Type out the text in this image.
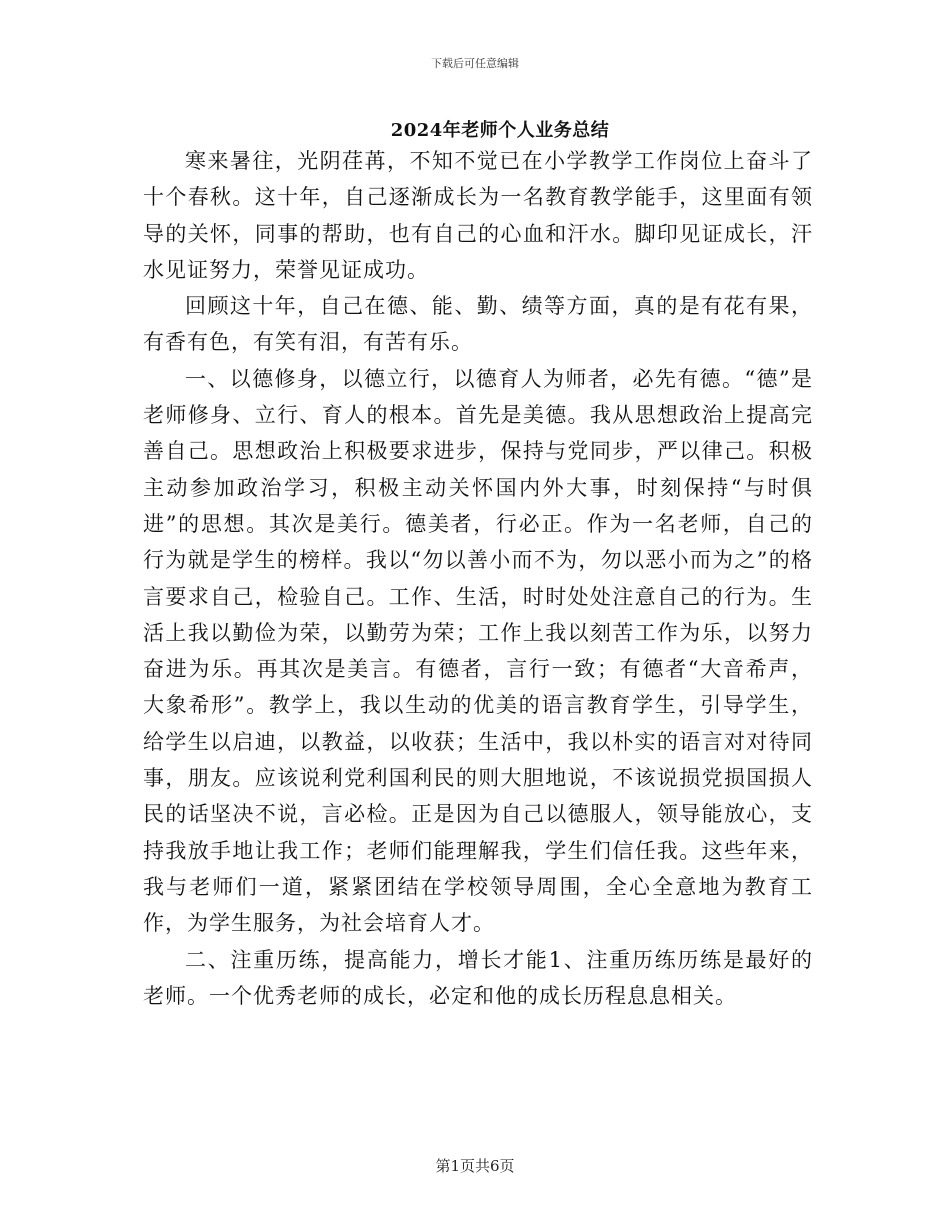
下载后可任意编辑
2024年老师个人业务总结

寒来暑往，光阴荏苒，不知不觉已在小学教学工作岗位上奋斗了十个春秋。这十年，自己逐渐成长为一名教育教学能手，这里面有领导的关怀，同事的帮助，也有自己的心血和汗水。脚印见证成长，汗水见证努力，荣誉见证成功。

回顾这十年，自己在德、能、勤、绩等方面，真的是有花有果，有香有色，有笑有泪，有苦有乐。

一、以德修身，以德立行，以德育人为师者，必先有德。“德”是老师修身、立行、育人的根本。首先是美德。我从思想政治上提高完善自己。思想政治上积极要求进步，保持与党同步，严以律己。积极主动参加政治学习，积极主动关怀国内外大事，时刻保持“与时俱进”的思想。其次是美行。德美者，行必正。作为一名老师，自己的行为就是学生的榜样。我以“勿以善小而不为，勿以恶小而为之”的格言要求自己，检验自己。工作、生活，时时处处注意自己的行为。生活上我以勤俭为荣，以勤劳为荣；工作上我以刻苦工作为乐，以努力奋进为乐。再其次是美言。有德者，言行一致；有德者“大音希声，大象希形”。教学上，我以生动的优美的语言教育学生，引导学生，给学生以启迪，以教益，以收获；生活中，我以朴实的语言对对待同事，朋友。应该说利党利国利民的则大胆地说，不该说损党损国损人民的话坚决不说，言必检。正是因为自己以德服人，领导能放心，支持我放手地让我工作；老师们能理解我，学生们信任我。这些年来，我与老师们一道，紧紧团结在学校领导周围，全心全意地为教育工作，为学生服务，为社会培育人才。

二、注重历练，提高能力，增长才能1、注重历练历练是最好的老师。一个优秀老师的成长，必定和他的成长历程息息相关。

第1页共6页
